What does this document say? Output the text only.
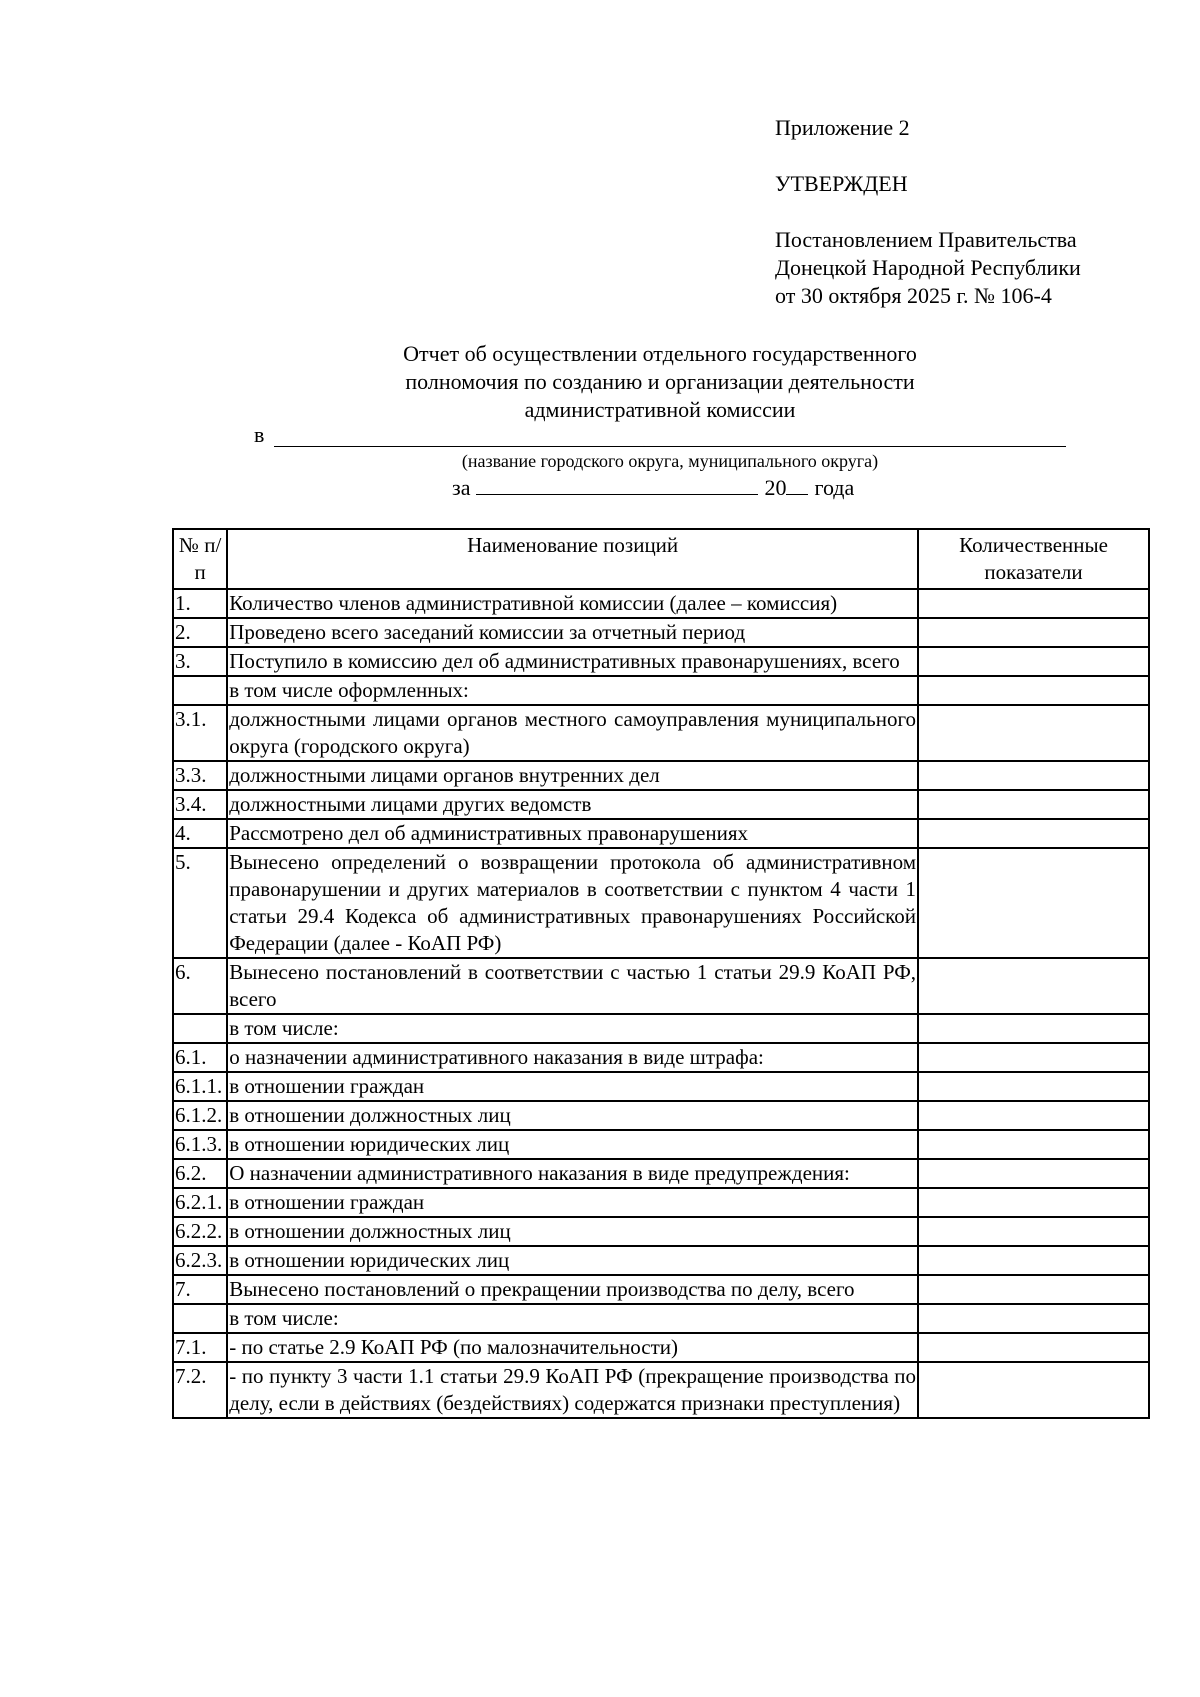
Приложение 2
УТВЕРЖДЕН
Постановлением Правительства
Донецкой Народной Республики
от 30 октября 2025 г. № 106-4
Отчет об осуществлении отдельного государственного
полномочия по созданию и организации деятельности
административной комиссии
в
(название городского округа, муниципального округа)
за	20 года
№ п/п	Наименование позиций	Количественные показатели
1.	Количество членов административной комиссии (далее – комиссия)	
2.	Проведено всего заседаний комиссии за отчетный период	
3.	Поступило в комиссию дел об административных правонарушениях, всего	
	в том числе оформленных:	
3.1.	должностными лицами органов местного самоуправления муниципального округа (городского округа)	
3.3.	должностными лицами органов внутренних дел	
3.4.	должностными лицами других ведомств	
4.	Рассмотрено дел об административных правонарушениях	
5.	Вынесено определений о возвращении протокола об административном правонарушении и других материалов в соответствии с пунктом 4 части 1 статьи 29.4 Кодекса об административных правонарушениях Российской Федерации (далее - КоАП РФ)	
6.	Вынесено постановлений в соответствии с частью 1 статьи 29.9 КоАП РФ, всего	
	в том числе:	
6.1.	о назначении административного наказания в виде штрафа:	
6.1.1.	в отношении граждан	
6.1.2.	в отношении должностных лиц	
6.1.3.	в отношении юридических лиц	
6.2.	О назначении административного наказания в виде предупреждения:	
6.2.1.	в отношении граждан	
6.2.2.	в отношении должностных лиц	
6.2.3.	в отношении юридических лиц	
7.	Вынесено постановлений о прекращении производства по делу, всего	
	в том числе:	
7.1.	- по статье 2.9 КоАП РФ (по малозначительности)	
7.2.	- по пункту 3 части 1.1 статьи 29.9 КоАП РФ (прекращение производства по делу, если в действиях (бездействиях) содержатся признаки преступления)	
